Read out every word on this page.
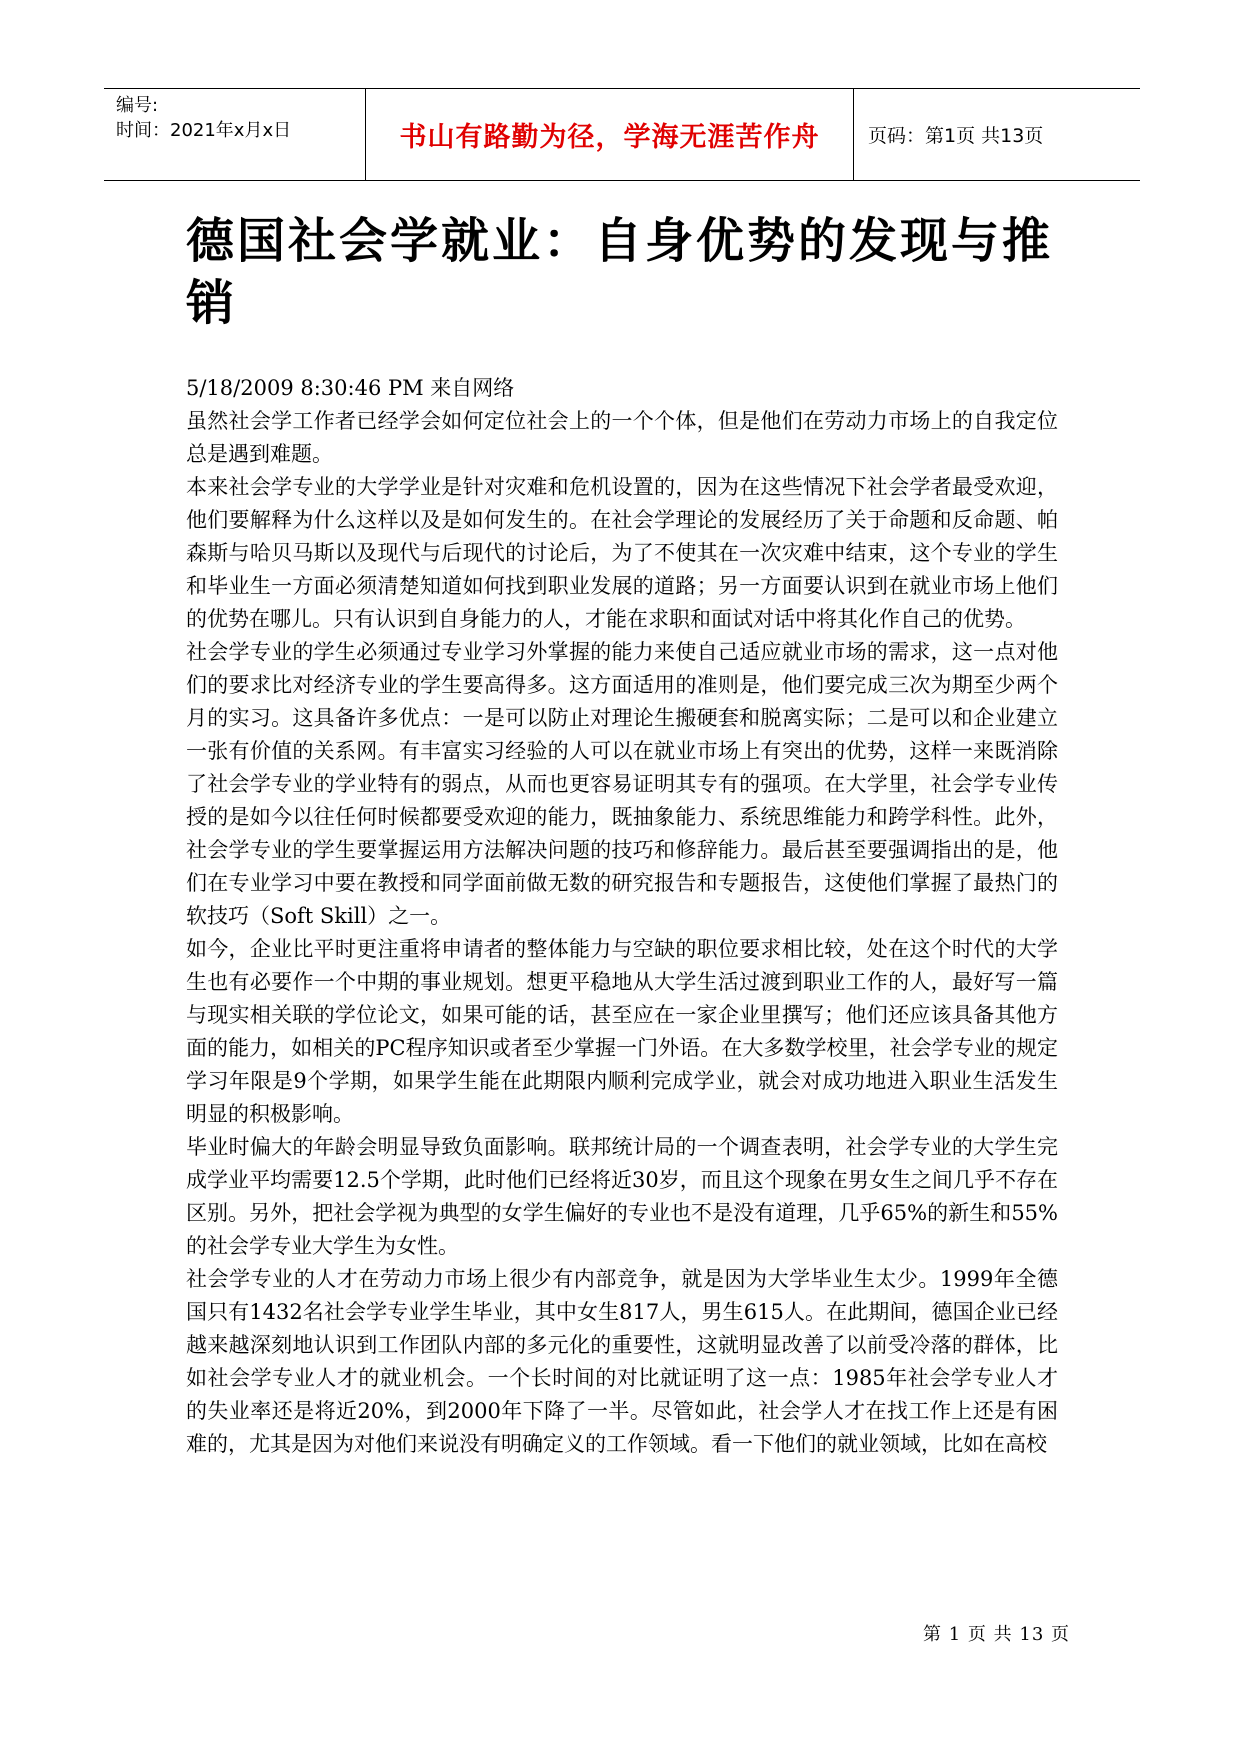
编号:
时间：2021年x月x日	书山有路勤为径，学海无涯苦作舟	页码：第1页 共13页
德国社会学就业：自身优势的发现与推销

5/18/2009 8:30:46 PM 来自网络

虽然社会学工作者已经学会如何定位社会上的一个个体，但是他们在劳动力市场上的自我定位总是遇到难题。

本来社会学专业的大学学业是针对灾难和危机设置的，因为在这些情况下社会学者最受欢迎，他们要解释为什么这样以及是如何发生的。在社会学理论的发展经历了关于命题和反命题、帕森斯与哈贝马斯以及现代与后现代的讨论后，为了不使其在一次灾难中结束，这个专业的学生和毕业生一方面必须清楚知道如何找到职业发展的道路；另一方面要认识到在就业市场上他们的优势在哪儿。只有认识到自身能力的人，才能在求职和面试对话中将其化作自己的优势。

社会学专业的学生必须通过专业学习外掌握的能力来使自己适应就业市场的需求，这一点对他们的要求比对经济专业的学生要高得多。这方面适用的准则是，他们要完成三次为期至少两个月的实习。这具备许多优点：一是可以防止对理论生搬硬套和脱离实际；二是可以和企业建立一张有价值的关系网。有丰富实习经验的人可以在就业市场上有突出的优势，这样一来既消除了社会学专业的学业特有的弱点，从而也更容易证明其专有的强项。在大学里，社会学专业传授的是如今以往任何时候都要受欢迎的能力，既抽象能力、系统思维能力和跨学科性。此外，社会学专业的学生要掌握运用方法解决问题的技巧和修辞能力。最后甚至要强调指出的是，他们在专业学习中要在教授和同学面前做无数的研究报告和专题报告，这使他们掌握了最热门的软技巧（Soft Skill）之一。

如今，企业比平时更注重将申请者的整体能力与空缺的职位要求相比较，处在这个时代的大学生也有必要作一个中期的事业规划。想更平稳地从大学生活过渡到职业工作的人，最好写一篇与现实相关联的学位论文，如果可能的话，甚至应在一家企业里撰写；他们还应该具备其他方面的能力，如相关的PC程序知识或者至少掌握一门外语。在大多数学校里，社会学专业的规定学习年限是9个学期，如果学生能在此期限内顺利完成学业，就会对成功地进入职业生活发生明显的积极影响。

毕业时偏大的年龄会明显导致负面影响。联邦统计局的一个调查表明，社会学专业的大学生完成学业平均需要12.5个学期，此时他们已经将近30岁，而且这个现象在男女生之间几乎不存在区别。另外，把社会学视为典型的女学生偏好的专业也不是没有道理，几乎65%的新生和55%的社会学专业大学生为女性。

社会学专业的人才在劳动力市场上很少有内部竞争，就是因为大学毕业生太少。1999年全德国只有1432名社会学专业学生毕业，其中女生817人，男生615人。在此期间，德国企业已经越来越深刻地认识到工作团队内部的多元化的重要性，这就明显改善了以前受冷落的群体，比如社会学专业人才的就业机会。一个长时间的对比就证明了这一点：1985年社会学专业人才的失业率还是将近20%，到2000年下降了一半。尽管如此，社会学人才在找工作上还是有困难的，尤其是因为对他们来说没有明确定义的工作领域。看一下他们的就业领域，比如在高校

第 1 页 共 13 页
